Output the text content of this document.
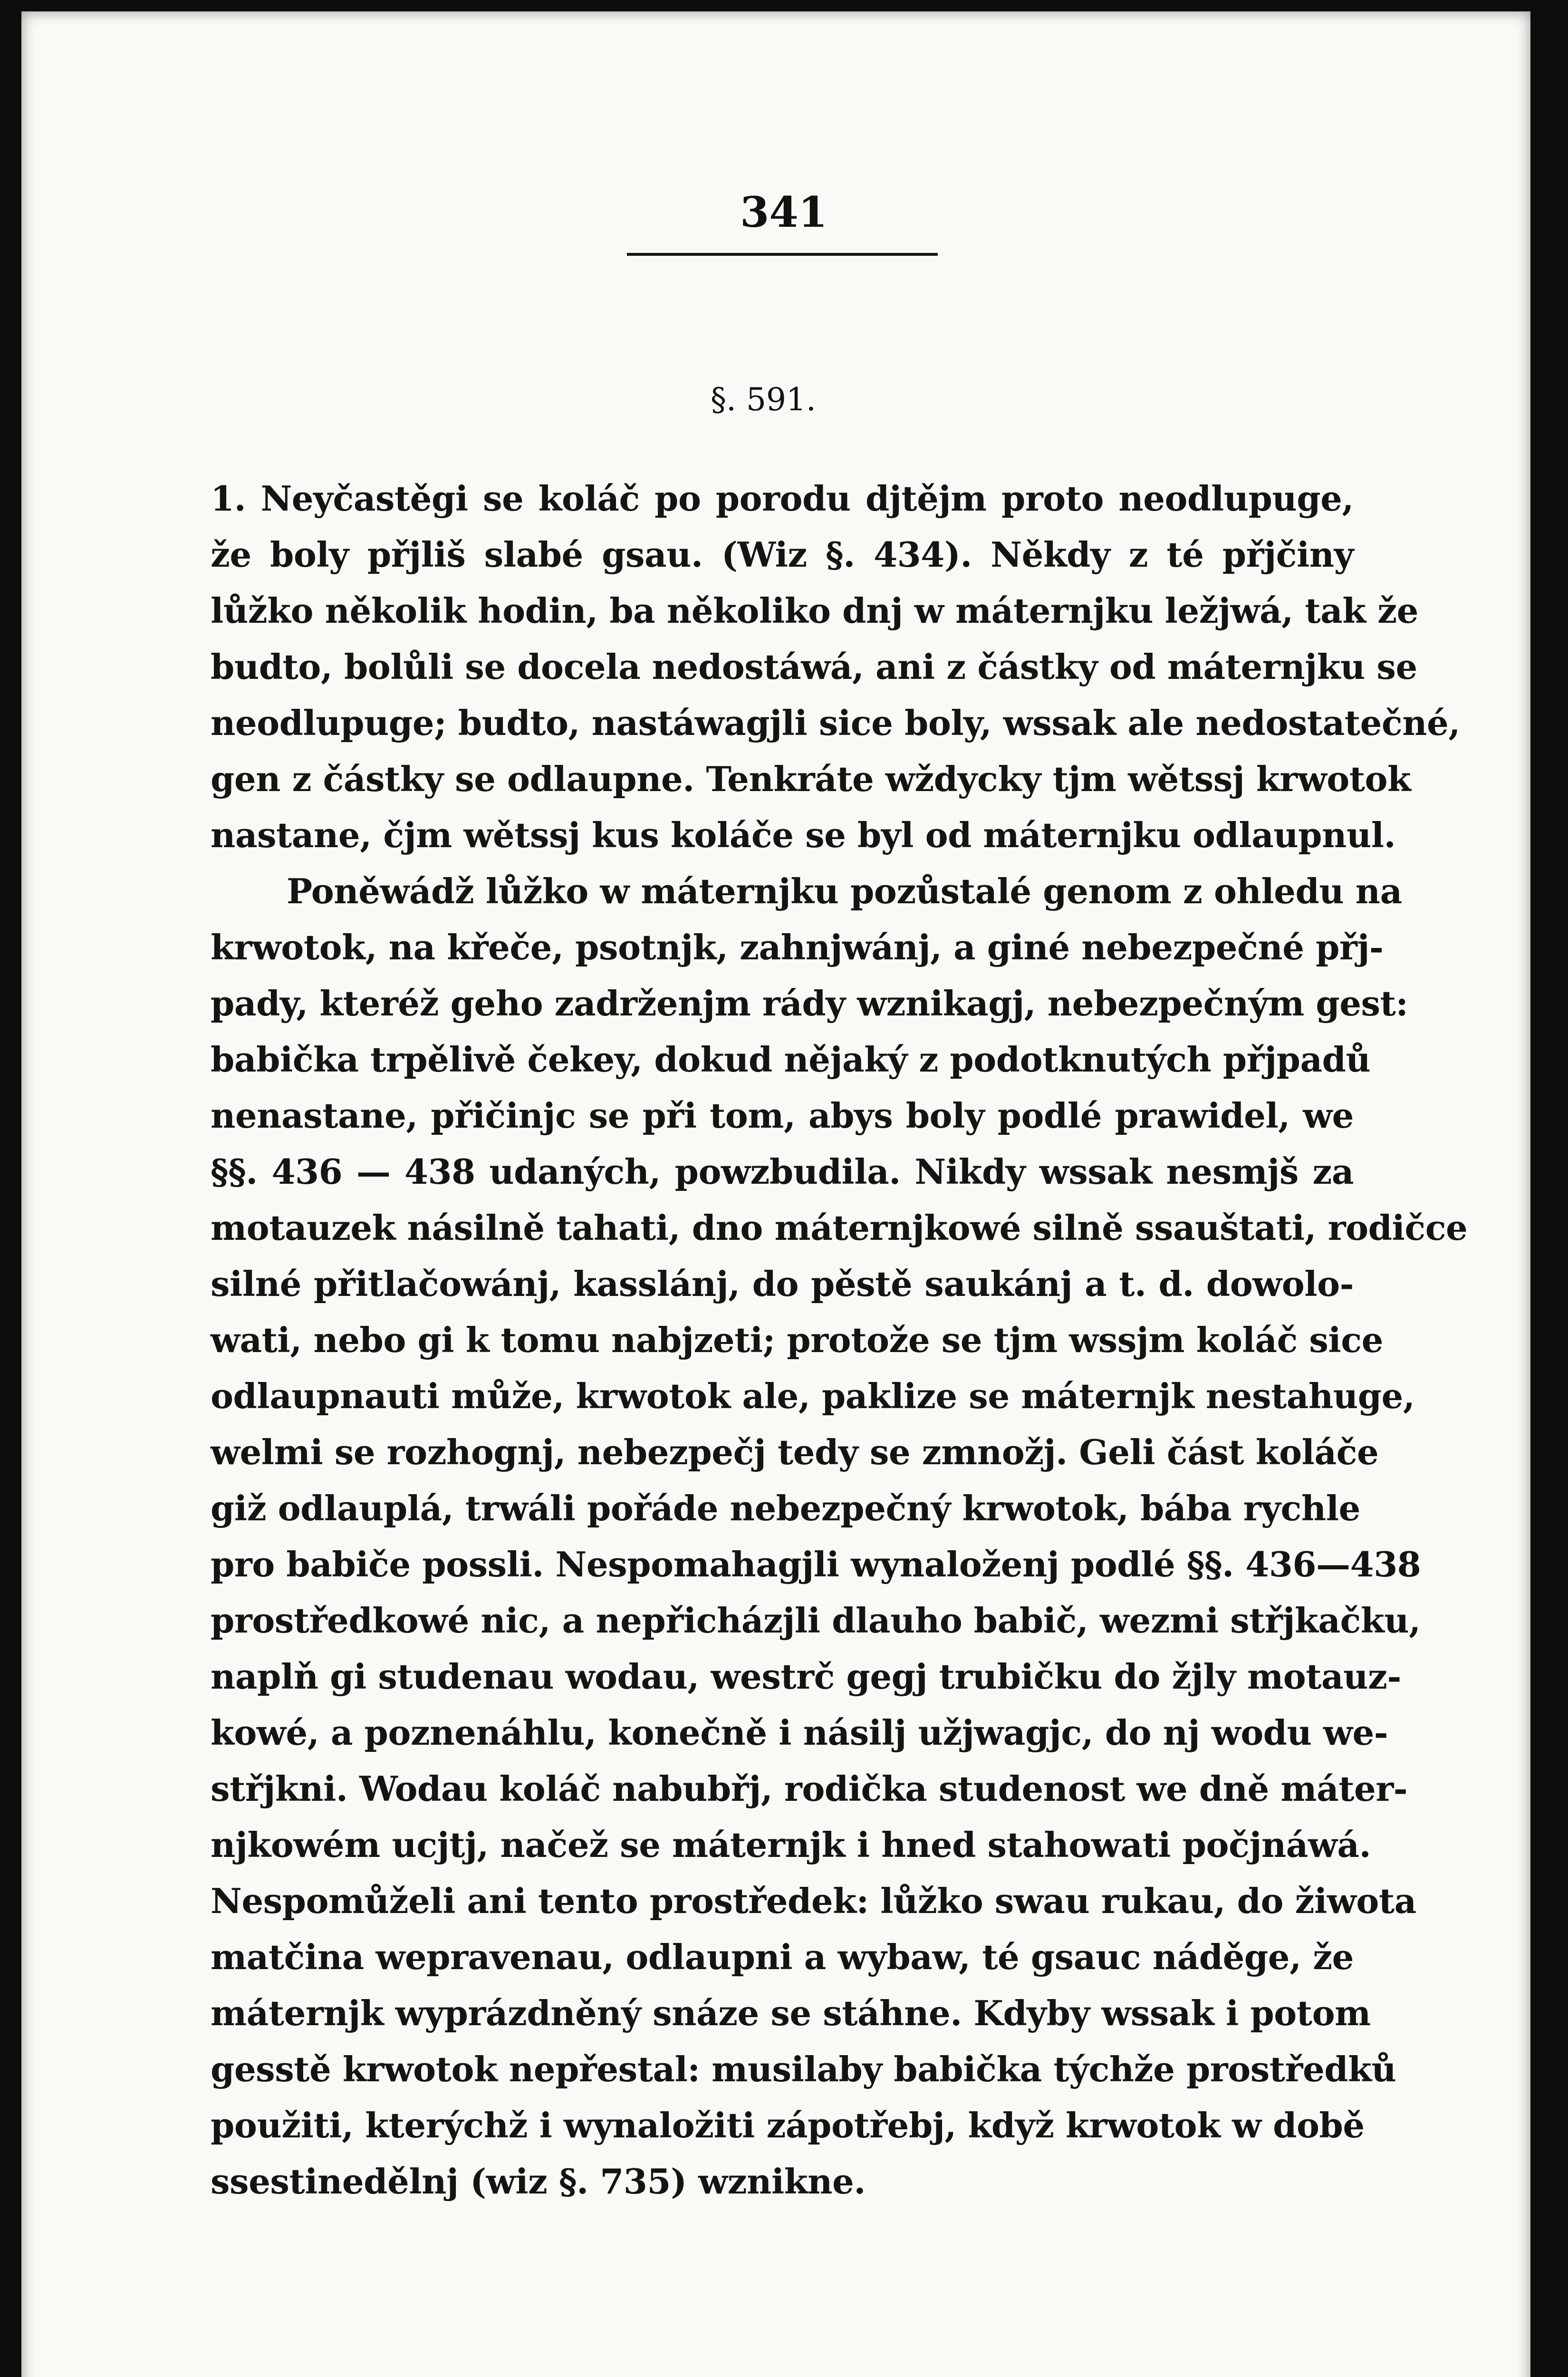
341
§. 591.
1. Neyčastěgi se koláč po porodu djtějm proto neodlupuge,
že boly přjliš slabé gsau. (Wiz §. 434). Někdy z té přjčiny
lůžko několik hodin, ba několiko dnj w máternjku ležjwá, tak že
budto, bolůli se docela nedostáwá, ani z částky od máternjku se
neodlupuge; budto, nastáwagjli sice boly, wssak ale nedostatečné,
gen z částky se odlaupne. Tenkráte wždycky tjm wětssj krwotok
nastane, čjm wětssj kus koláče se byl od máternjku odlaupnul.
Poněwádž lůžko w máternjku pozůstalé genom z ohledu na
krwotok, na křeče, psotnjk, zahnjwánj, a giné nebezpečné přj-
pady, kteréž geho zadrženjm rády wznikagj, nebezpečným gest:
babička trpělivě čekey, dokud nějaký z podotknutých přjpadů
nenastane, přičinjc se při tom, abys boly podlé prawidel, we
§§. 436 — 438 udaných, powzbudila. Nikdy wssak nesmjš za
motauzek násilně tahati, dno máternjkowé silně ssauštati, rodičce
silné přitlačowánj, kasslánj, do pěstě saukánj a t. d. dowolo-
wati, nebo gi k tomu nabjzeti; protože se tjm wssjm koláč sice
odlaupnauti může, krwotok ale, paklize se máternjk nestahuge,
welmi se rozhognj, nebezpečj tedy se zmnožj. Geli část koláče
giž odlauplá, trwáli pořáde nebezpečný krwotok, bába rychle
pro babiče possli. Nespomahagjli wynaloženj podlé §§. 436—438
prostředkowé nic, a nepřicházjli dlauho babič, wezmi střjkačku,
naplň gi studenau wodau, westrč gegj trubičku do žjly motauz-
kowé, a poznenáhlu, konečně i násilj užjwagjc, do nj wodu we-
střjkni. Wodau koláč nabubřj, rodička studenost we dně máter-
njkowém ucjtj, načež se máternjk i hned stahowati počjnáwá.
Nespomůželi ani tento prostředek: lůžko swau rukau, do žiwota
matčina wepravenau, odlaupni a wybaw, té gsauc náděge, že
máternjk wyprázdněný snáze se stáhne. Kdyby wssak i potom
gesstě krwotok nepřestal: musilaby babička týchže prostředků
použiti, kterýchž i wynaložiti zápotřebj, když krwotok w době
ssestinedělnj (wiz §. 735) wznikne.
